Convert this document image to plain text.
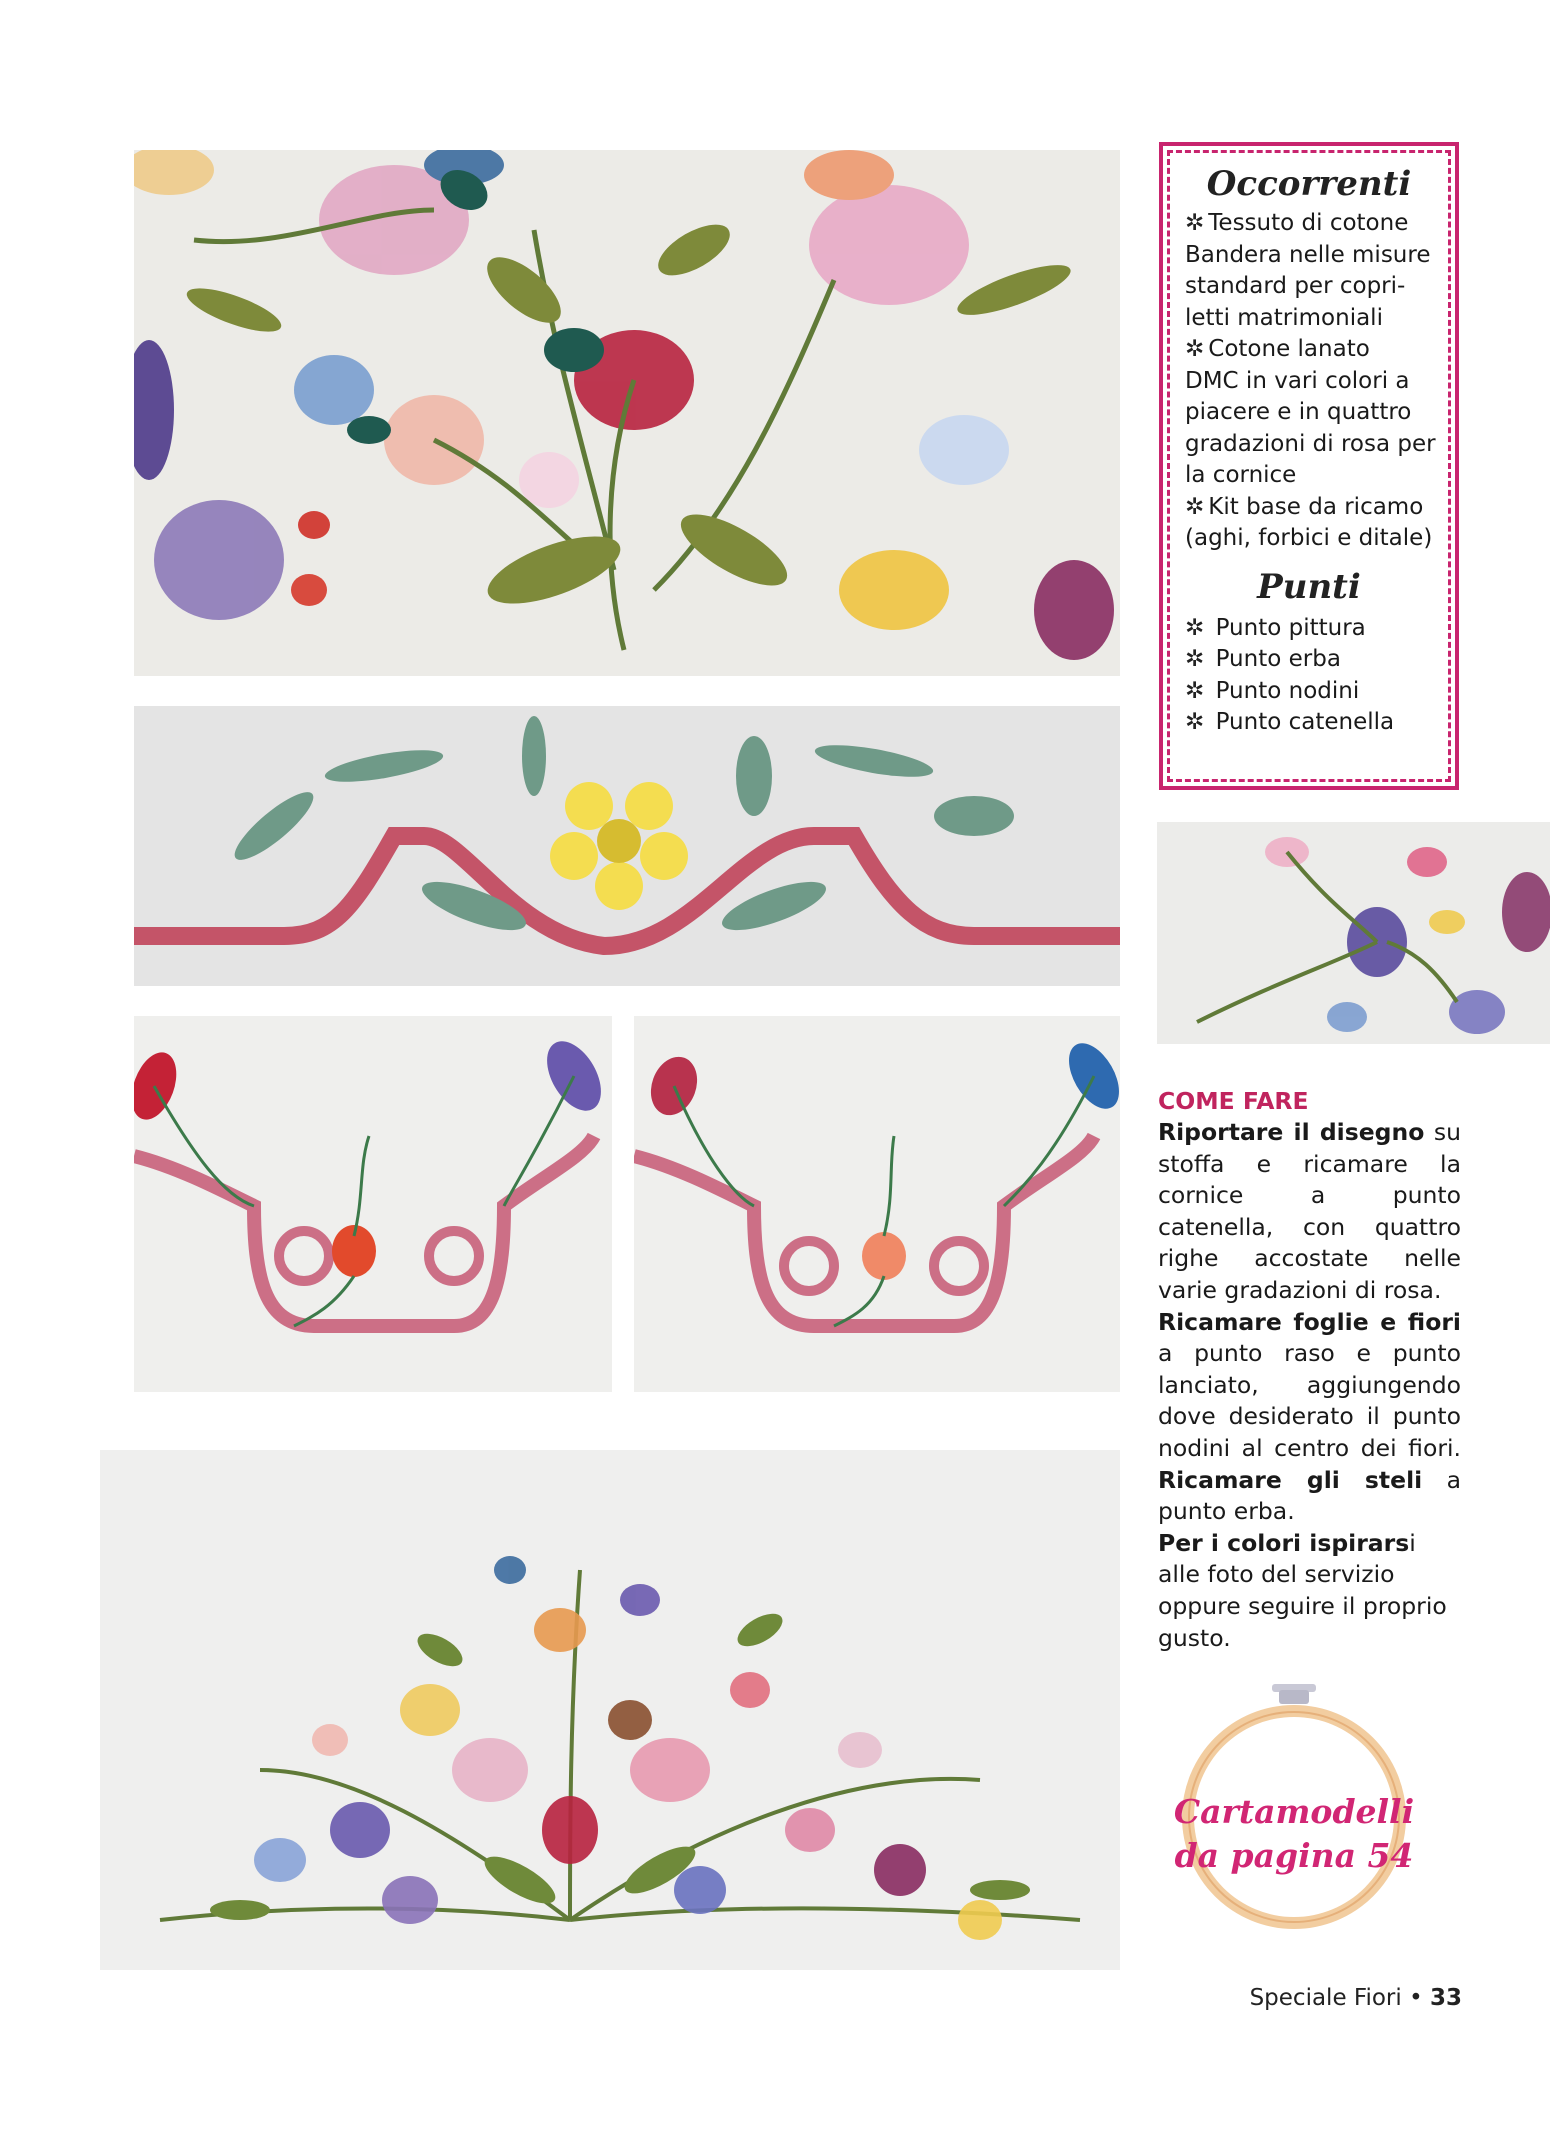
Occorrenti
✲ Tessuto di cotone
Bandera nelle misure
standard per copri-
letti matrimoniali
✲ Cotone lanato
DMC in vari colori a
piacere e in quattro
gradazioni di rosa per
la cornice
✲ Kit base da ricamo
(aghi, forbici e ditale)
Punti
✲ Punto pittura
✲ Punto erba
✲ Punto nodini
✲ Punto catenella
COME FARE

Riportare il disegno su stoffa e ricamare la cornice a punto catenella, con quattro righe accostate nelle varie gradazioni di rosa.

Ricamare foglie e fiori a punto raso e punto lanciato, aggiungendo dove desiderato il punto nodini al centro dei fiori. Ricamare gli steli a punto erba.

Per i colori ispirarsi alle foto del servizio oppure seguire il proprio gusto.

Cartamodelli
da pagina 54
Speciale Fiori • 33
